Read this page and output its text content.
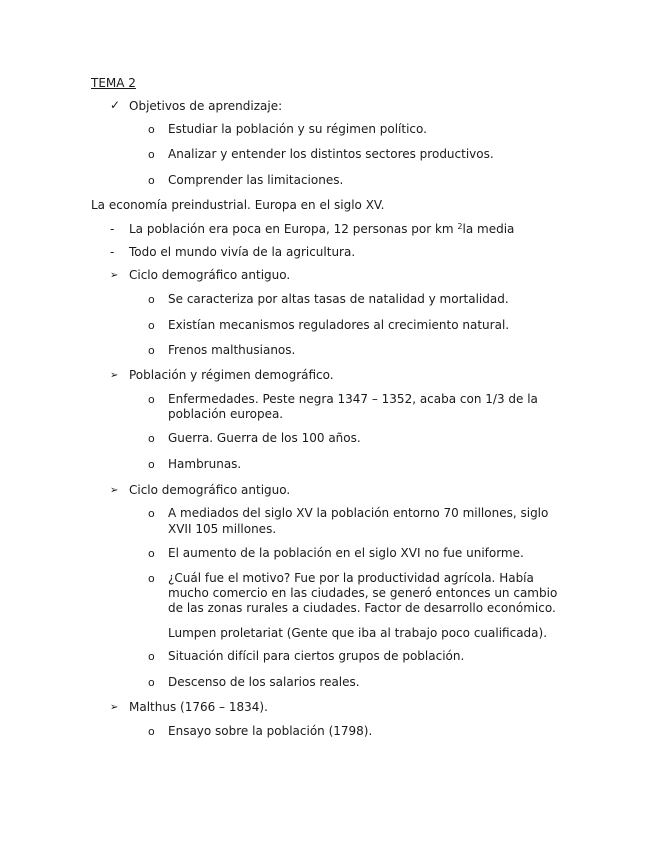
TEMA 2
✓ Objetivos de aprendizaje:
o	Estudiar la población y su régimen político.
o	Analizar y entender los distintos sectores productivos.
o	Comprender las limitaciones.
La economía preindustrial. Europa en el siglo XV.
-	La población era poca en Europa, 12 personas por km $^2$la media
-	Todo el mundo vivía de la agricultura.
➢ Ciclo demográfico antiguo.
o	Se caracteriza por altas tasas de natalidad y mortalidad.
o	Existían mecanismos reguladores al crecimiento natural.
o	Frenos malthusianos.
➢ Población y régimen demográfico.
o	Enfermedades. Peste negra 1347 – 1352, acaba con 1/3 de la
población europea.
o	Guerra. Guerra de los 100 años.
o	Hambrunas.
➢ Ciclo demográfico antiguo.
o	A mediados del siglo XV la población entorno 70 millones, siglo
XVII 105 millones.
o	El aumento de la población en el siglo XVI no fue uniforme.
o	¿Cuál fue el motivo? Fue por la productividad agrícola. Había
mucho comercio en las ciudades, se generó entonces un cambio
de las zonas rurales a ciudades. Factor de desarrollo económico.
Lumpen proletariat (Gente que iba al trabajo poco cualificada).
o	Situación difícil para ciertos grupos de población.
o	Descenso de los salarios reales.
➢ Malthus (1766 – 1834).
o	Ensayo sobre la población (1798).
